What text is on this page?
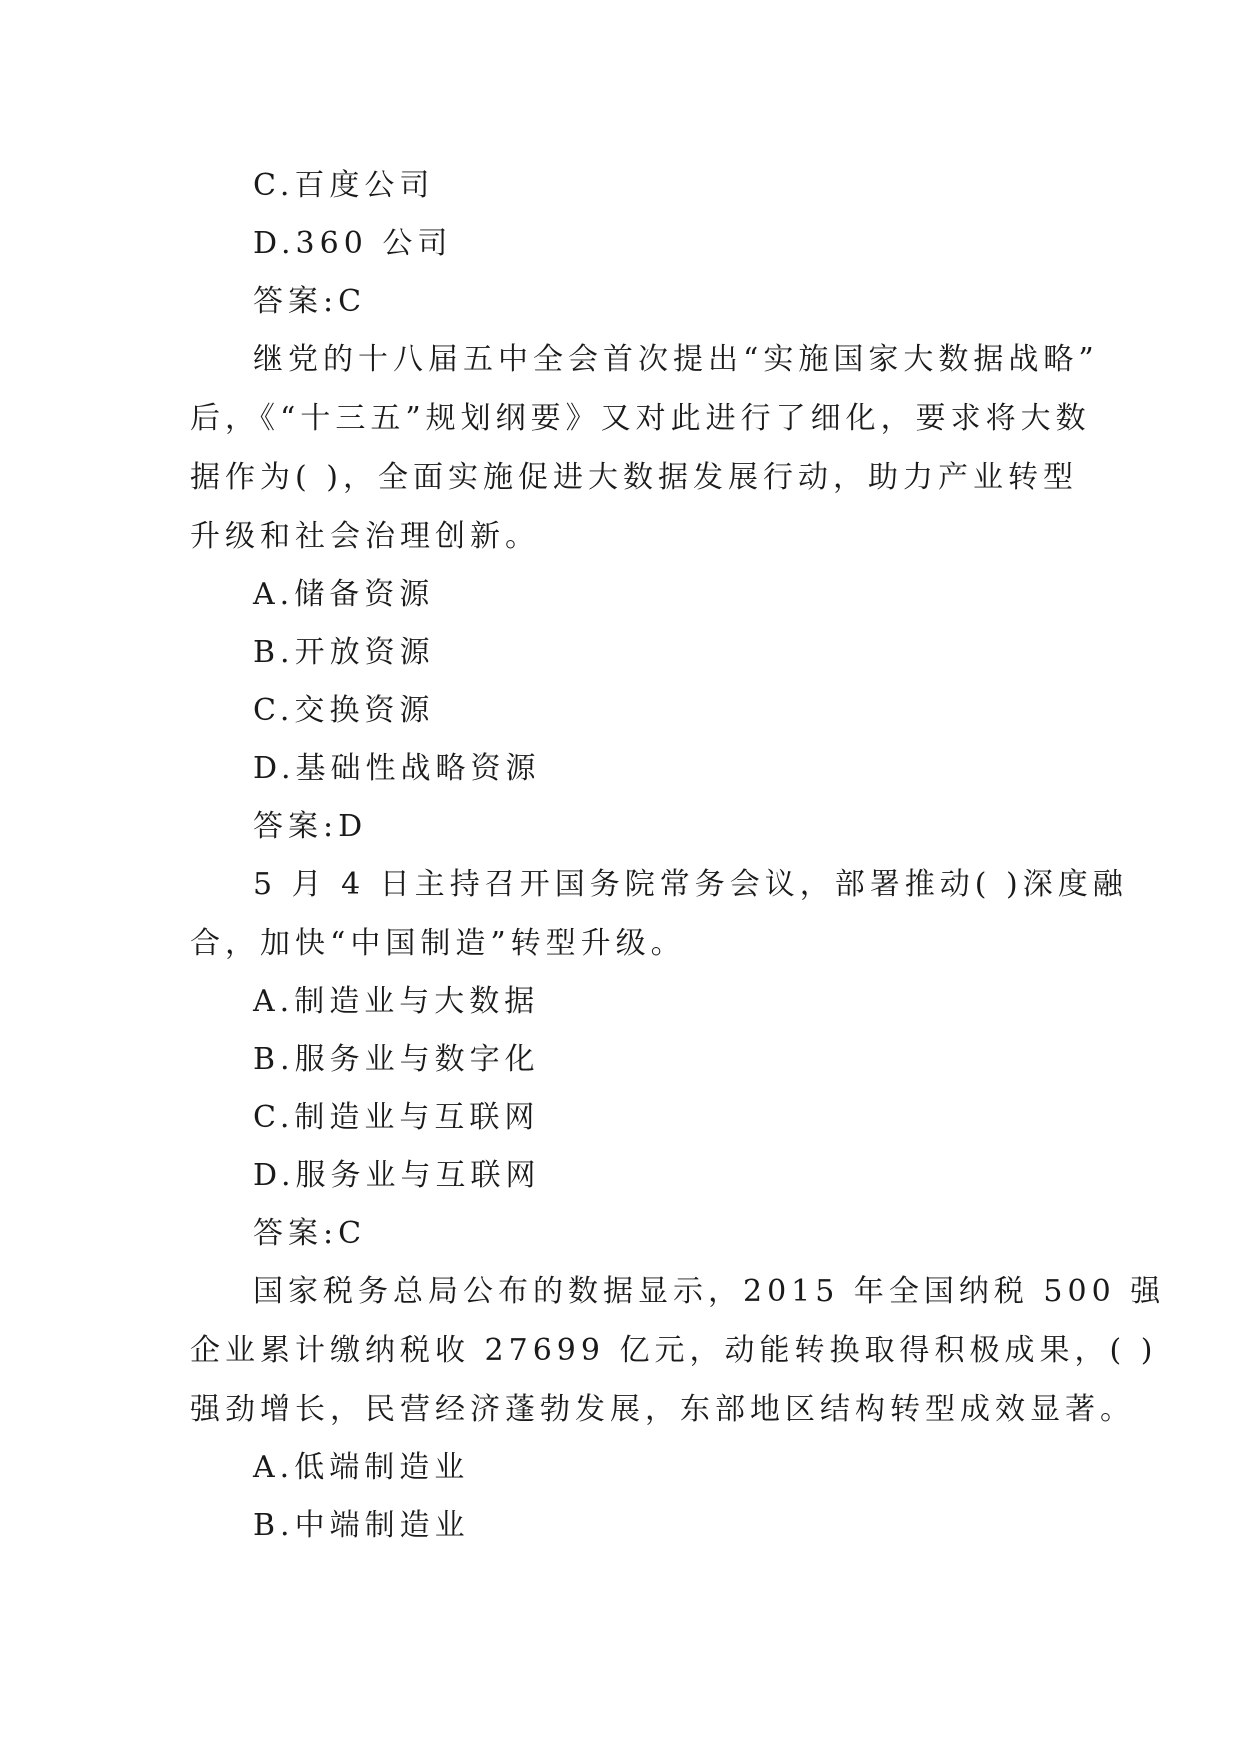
C.百度公司
D.360 公司
答案:C
继党的十八届五中全会首次提出“实施国家大数据战略”
后，《“十三五”规划纲要》又对此进行了细化，要求将大数
据作为( )，全面实施促进大数据发展行动，助力产业转型
升级和社会治理创新。
A.储备资源
B.开放资源
C.交换资源
D.基础性战略资源
答案:D
5 月 4 日主持召开国务院常务会议，部署推动( )深度融
合，加快“中国制造”转型升级。
A.制造业与大数据
B.服务业与数字化
C.制造业与互联网
D.服务业与互联网
答案:C
国家税务总局公布的数据显示，2015 年全国纳税 500 强
企业累计缴纳税收 27699 亿元，动能转换取得积极成果，( )
强劲增长，民营经济蓬勃发展，东部地区结构转型成效显著。
A.低端制造业
B.中端制造业
